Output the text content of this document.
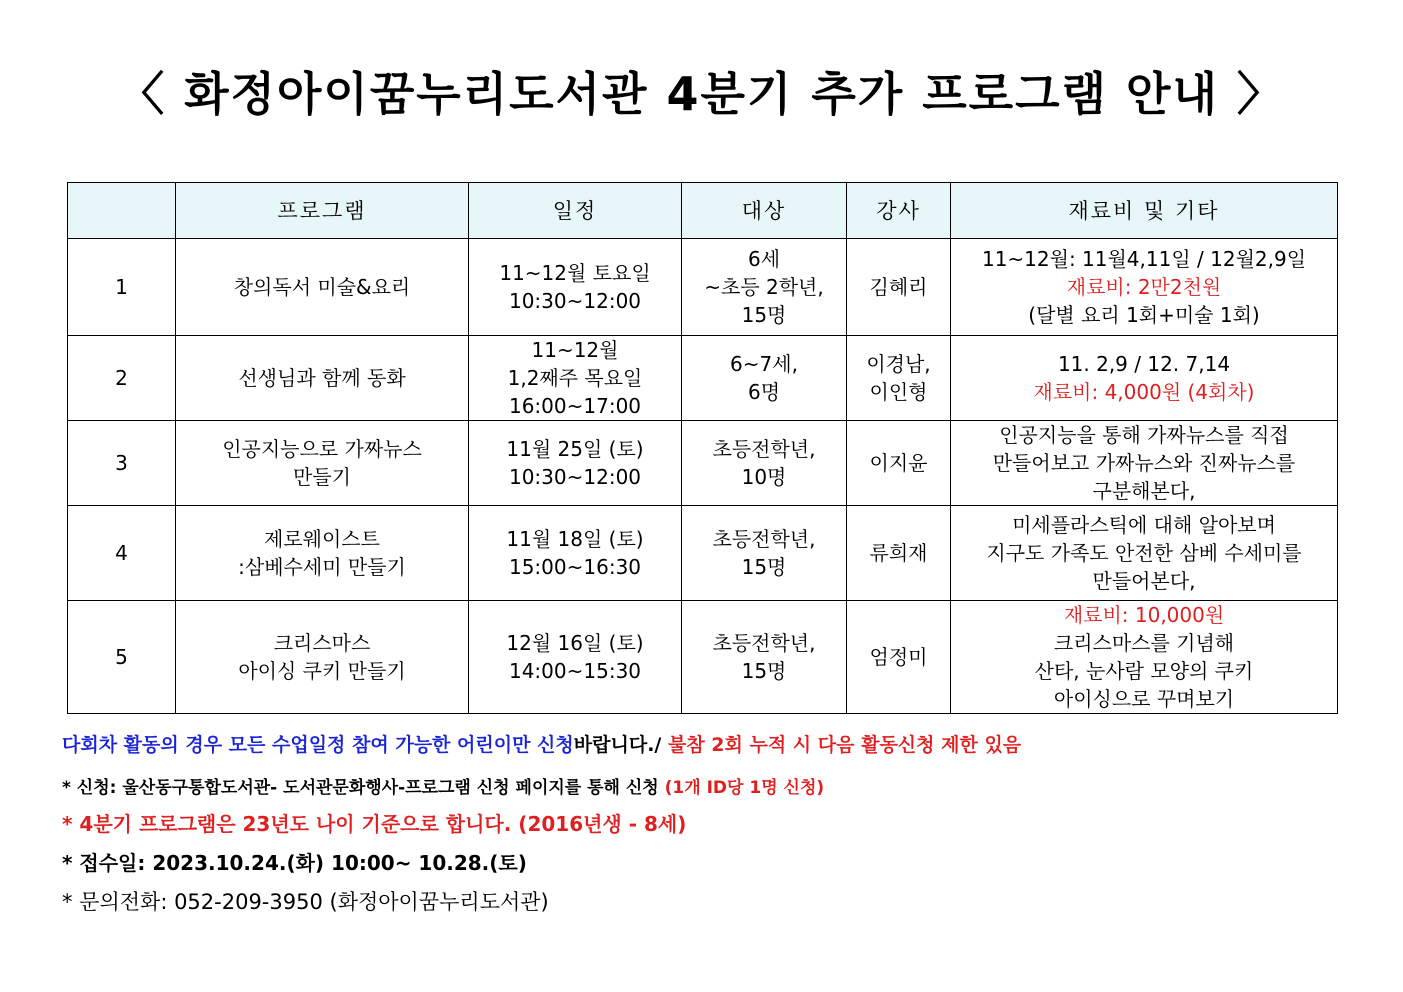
〈 화정아이꿈누리도서관 4분기 추가 프로그램 안내 〉
	프로그램	일정	대상	강사	재료비 및 기타
1	창의독서 미술&요리	11~12월 토요일
10:30~12:00	6세
~초등 2학년,
15명	김혜리	11~12월: 11월4,11일 / 12월2,9일
재료비: 2만2천원
(달별 요리 1회+미술 1회)

2	선생님과 함께 동화	11~12월
1,2째주 목요일
16:00~17:00	6~7세,
6명	이경남,
이인형	11. 2,9 / 12. 7,14
재료비: 4,000원 (4회차)

3	인공지능으로 가짜뉴스
만들기	11월 25일 (토)
10:30~12:00	초등전학년,
10명	이지윤	인공지능을 통해 가짜뉴스를 직접
만들어보고 가짜뉴스와 진짜뉴스를
구분해본다,

4	제로웨이스트
:삼베수세미 만들기	11월 18일 (토)
15:00~16:30	초등전학년,
15명	류희재	미세플라스틱에 대해 알아보며
지구도 가족도 안전한 삼베 수세미를
만들어본다,

5	크리스마스
아이싱 쿠키 만들기	12월 16일 (토)
14:00~15:30	초등전학년,
15명	엄정미	재료비: 10,000원
크리스마스를 기념해
산타, 눈사람 모양의 쿠키
아이싱으로 꾸며보기
다회차 활동의 경우 모든 수업일정 참여 가능한 어린이만 신청바랍니다./ 불참 2회 누적 시 다음 활동신청 제한 있음
* 신청: 울산동구통합도서관- 도서관문화행사-프로그램 신청 페이지를 통해 신청 (1개 ID당 1명 신청)
* 4분기 프로그램은 23년도 나이 기준으로 합니다. (2016년생 - 8세)
* 접수일: 2023.10.24.(화) 10:00~ 10.28.(토)
* 문의전화: 052-209-3950 (화정아이꿈누리도서관)
